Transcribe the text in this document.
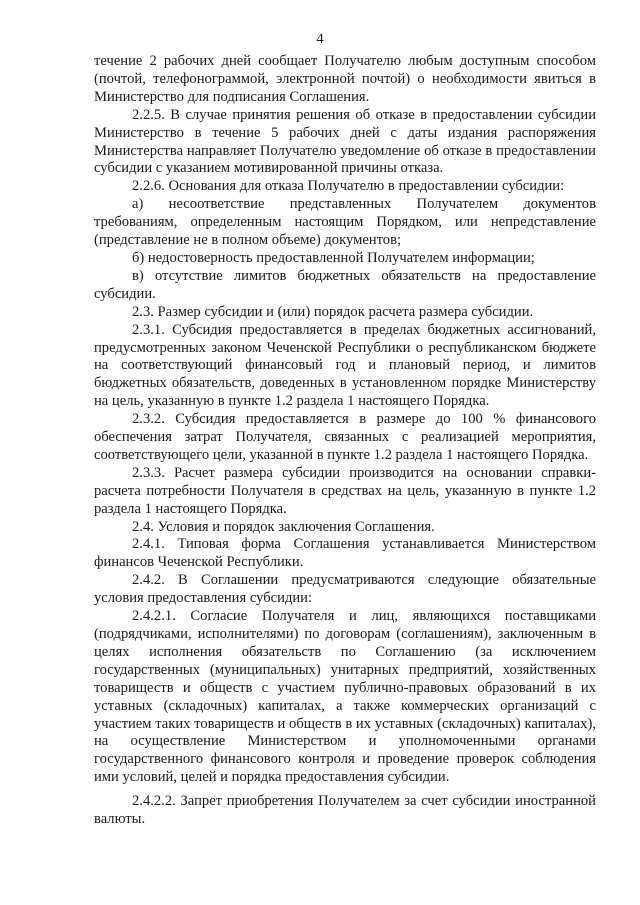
4

течение 2 рабочих дней сообщает Получателю любым доступным способом (почтой, телефонограммой, электронной почтой) о необходимости явиться в Министерство для подписания Соглашения.

2.2.5. В случае принятия решения об отказе в предоставлении субсидии Министерство в течение 5 рабочих дней с даты издания распоряжения Министерства направляет Получателю уведомление об отказе в предоставлении субсидии с указанием мотивированной причины отказа.

2.2.6. Основания для отказа Получателю в предоставлении субсидии:

а) несоответствие представленных Получателем документов требованиям, определенным настоящим Порядком, или непредставление (представление не в полном объеме) документов;

б) недостоверность предоставленной Получателем информации;

в) отсутствие лимитов бюджетных обязательств на предоставление субсидии.

2.3. Размер субсидии и (или) порядок расчета размера субсидии.

2.3.1. Субсидия предоставляется в пределах бюджетных ассигнований, предусмотренных законом Чеченской Республики о республиканском бюджете на соответствующий финансовый год и плановый период, и лимитов бюджетных обязательств, доведенных в установленном порядке Министерству на цель, указанную в пункте 1.2 раздела 1 настоящего Порядка.

2.3.2. Субсидия предоставляется в размере до 100 % финансового обеспечения затрат Получателя, связанных с реализацией мероприятия, соответствующего цели, указанной в пункте 1.2 раздела 1 настоящего Порядка.

2.3.3. Расчет размера субсидии производится на основании справки-расчета потребности Получателя в средствах на цель, указанную в пункте 1.2 раздела 1 настоящего Порядка.

2.4. Условия и порядок заключения Соглашения.

2.4.1. Типовая форма Соглашения устанавливается Министерством финансов Чеченской Республики.

2.4.2. В Соглашении предусматриваются следующие обязательные условия предоставления субсидии:

2.4.2.1. Согласие Получателя и лиц, являющихся поставщиками (подрядчиками, исполнителями) по договорам (соглашениям), заключенным в целях исполнения обязательств по Соглашению (за исключением государственных (муниципальных) унитарных предприятий, хозяйственных товариществ и обществ с участием публично-правовых образований в их уставных (складочных) капиталах, а также коммерческих организаций с участием таких товариществ и обществ в их уставных (складочных) капиталах), на осуществление Министерством и уполномоченными органами государственного финансового контроля и проведение проверок соблюдения ими условий, целей и порядка предоставления субсидии.

2.4.2.2. Запрет приобретения Получателем за счет субсидии иностранной валюты.
